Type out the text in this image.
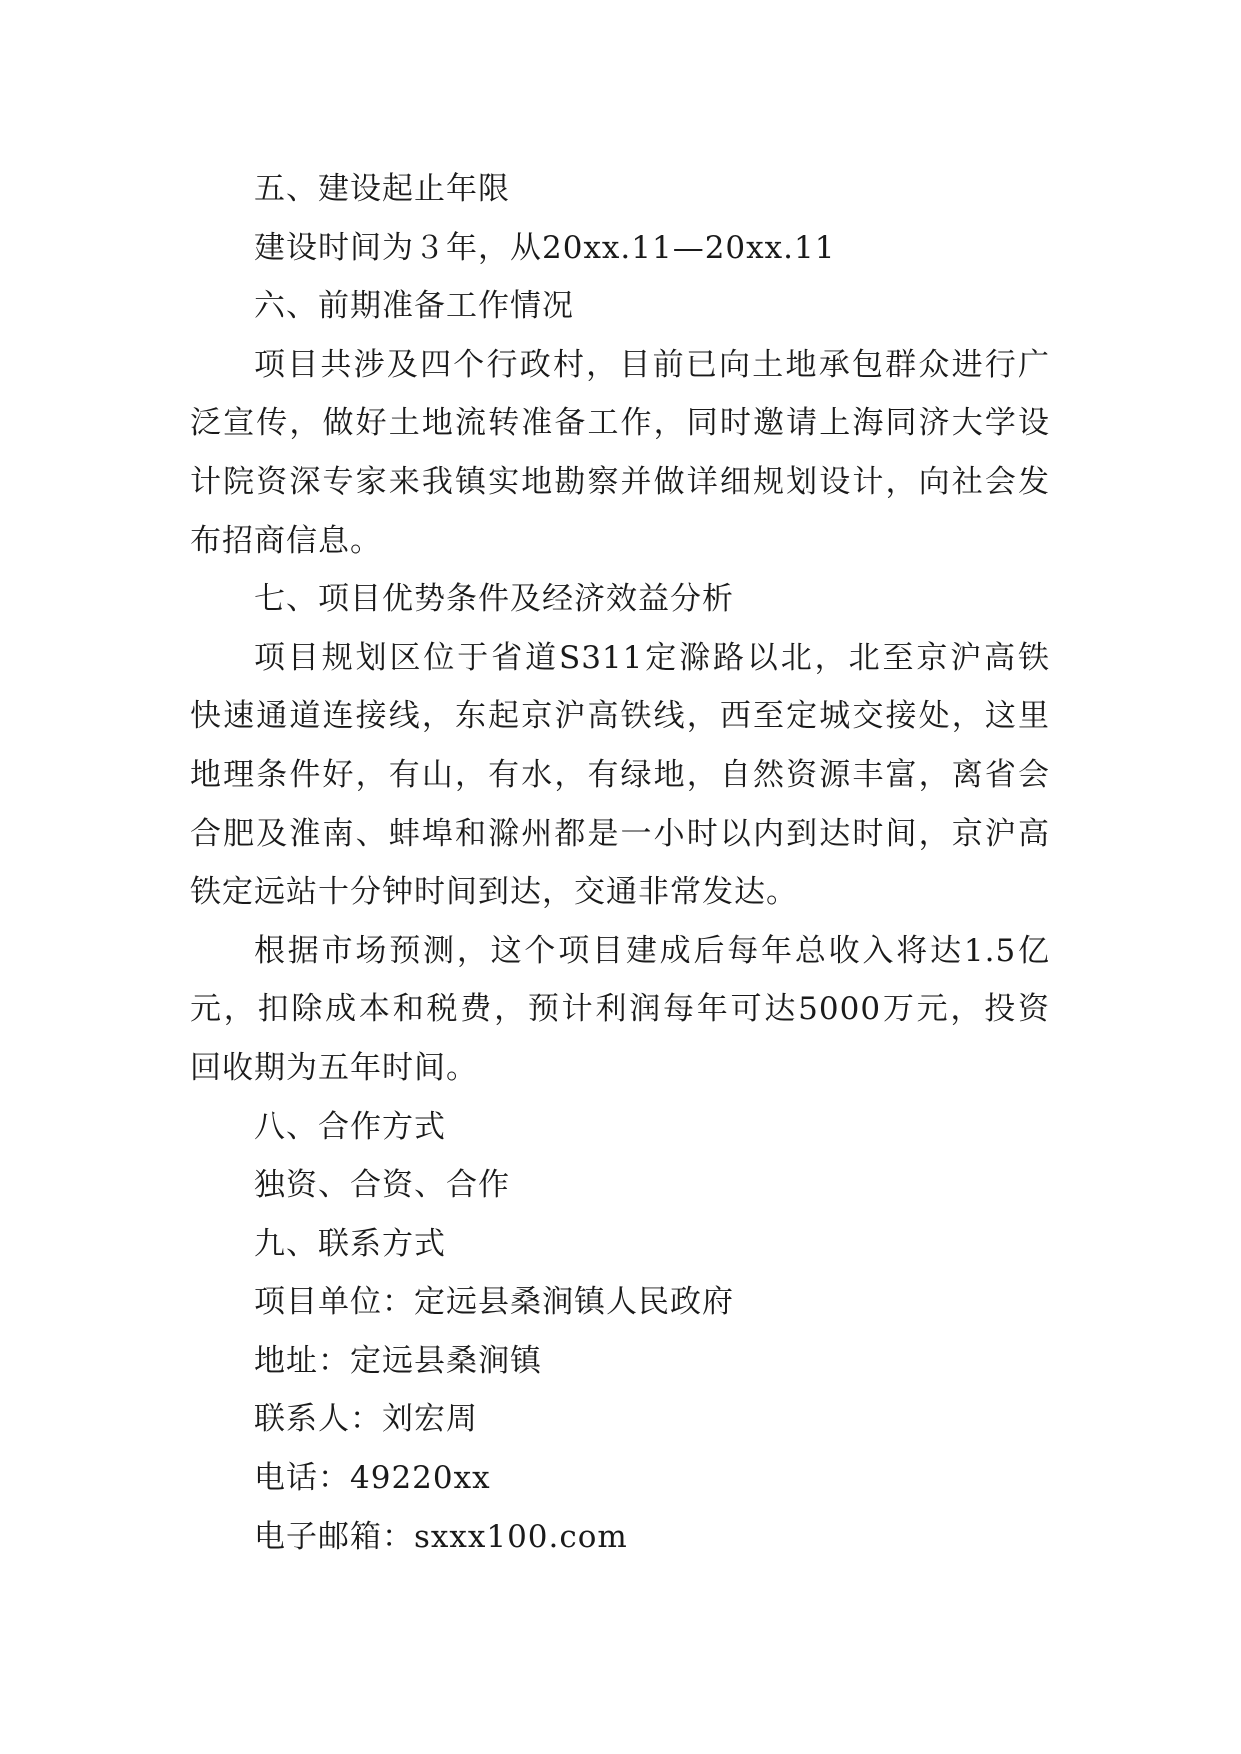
五、建设起止年限
建设时间为３年，从20xx.11—20xx.11
六、前期准备工作情况
项目共涉及四个行政村，目前已向土地承包群众进行广
泛宣传，做好土地流转准备工作，同时邀请上海同济大学设
计院资深专家来我镇实地勘察并做详细规划设计，向社会发
布招商信息。
七、项目优势条件及经济效益分析
项目规划区位于省道S311定滁路以北，北至京沪高铁
快速通道连接线，东起京沪高铁线，西至定城交接处，这里
地理条件好，有山，有水，有绿地，自然资源丰富，离省会
合肥及淮南、蚌埠和滁州都是一小时以内到达时间，京沪高
铁定远站十分钟时间到达，交通非常发达。
根据市场预测，这个项目建成后每年总收入将达1.5亿
元，扣除成本和税费，预计利润每年可达5000万元，投资
回收期为五年时间。
八、合作方式
独资、合资、合作
九、联系方式
项目单位：定远县桑涧镇人民政府
地址：定远县桑涧镇
联系人：刘宏周
电话：49220xx
电子邮箱：sxxx100.com
